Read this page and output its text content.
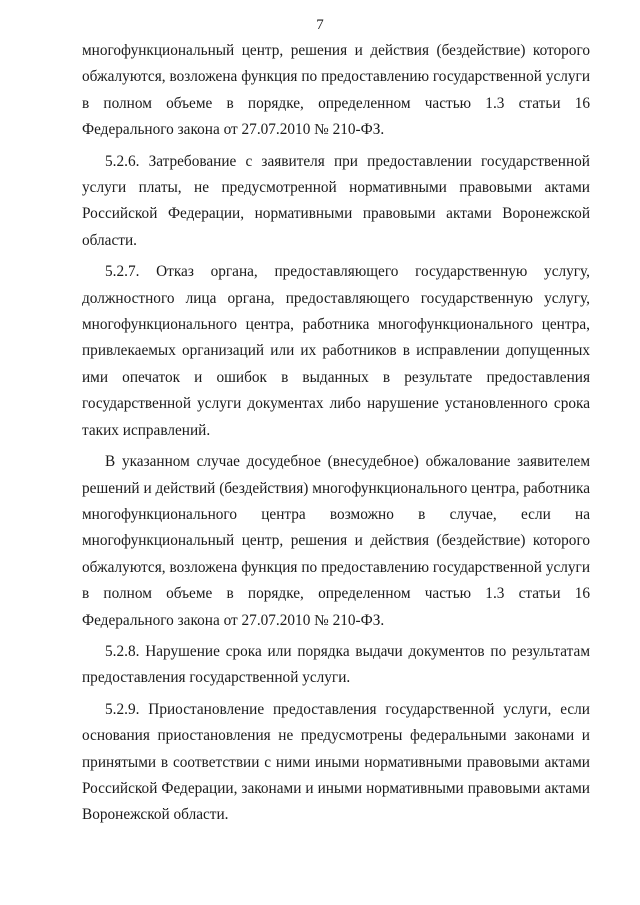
7

многофункциональный центр, решения и действия (бездействие) которого обжалуются, возложена функция по предоставлению государственной услуги в полном объеме в порядке, определенном частью 1.3 статьи 16 Федерального закона от 27.07.2010 № 210-ФЗ.

5.2.6. Затребование с заявителя при предоставлении государственной услуги платы, не предусмотренной нормативными правовыми актами Российской Федерации, нормативными правовыми актами Воронежской области.

5.2.7. Отказ органа, предоставляющего государственную услугу, должностного лица органа, предоставляющего государственную услугу, многофункционального центра, работника многофункционального центра, привлекаемых организаций или их работников в исправлении допущенных ими опечаток и ошибок в выданных в результате предоставления государственной услуги документах либо нарушение установленного срока таких исправлений.

В указанном случае досудебное (внесудебное) обжалование заявителем решений и действий (бездействия) многофункционального центра, работника многофункционального центра возможно в случае, если на многофункциональный центр, решения и действия (бездействие) которого обжалуются, возложена функция по предоставлению государственной услуги в полном объеме в порядке, определенном частью 1.3 статьи 16 Федерального закона от 27.07.2010 № 210-ФЗ.

5.2.8. Нарушение срока или порядка выдачи документов по результатам предоставления государственной услуги.

5.2.9. Приостановление предоставления государственной услуги, если основания приостановления не предусмотрены федеральными законами и принятыми в соответствии с ними иными нормативными правовыми актами Российской Федерации, законами и иными нормативными правовыми актами Воронежской области.
